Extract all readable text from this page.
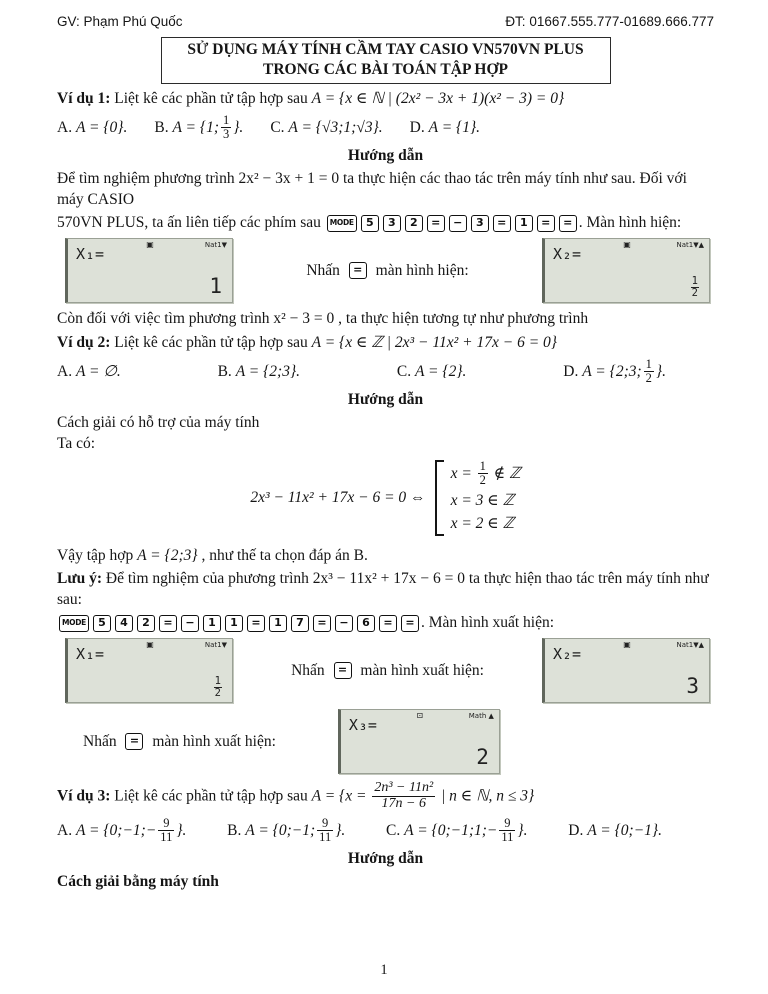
GV: Phạm Phú Quốc	ĐT: 01667.555.777-01689.666.777
SỬ DỤNG MÁY TÍNH CẦM TAY CASIO VN570VN PLUS
TRONG CÁC BÀI TOÁN TẬP HỢP
Ví dụ 1: Liệt kê các phần tử tập hợp sau A = {x ∈ ℕ | (2x² − 3x + 1)(x² − 3) = 0}
A. A = {0}. B. A = {1; $\frac{1}{3}$ }. C. A = {√3;1;√3}. D. A = {1}.
Hướng dẫn
Để tìm nghiệm phương trình 2x² − 3x + 1 = 0 ta thực hiện các thao tác trên máy tính như sau. Đối với máy CASIO
570VN PLUS, ta ấn liên tiếp các phím sau
	MODE 5 3 2 = − 3 = 1 = = . Màn hình hiện:
X₁=
▣	Nat1▼
1
Nhấn = màn hình hiện:
X₂=
▣	Nat1▼▲
$\frac{1}{2}$
Còn đối với việc tìm phương trình x² − 3 = 0 , ta thực hiện tương tự như phương trình
Ví dụ 2: Liệt kê các phần tử tập hợp sau A = {x ∈ ℤ | 2x³ − 11x² + 17x − 6 = 0}
A. A = ∅.	B. A = {2;3}.	C. A = {2}.	D. A = {2;3; $\frac{1}{2}$ }.
Hướng dẫn
Cách giải có hỗ trợ của máy tính
Ta có:
2x³ − 11x² + 17x − 6 = 0 ⇔
$x = \frac{1}{2}$ ∉ ℤ
x = 3 ∈ ℤ
x = 2 ∈ ℤ
Vậy tập hợp A = {2;3} , như thế ta chọn đáp án B.
Lưu ý: Để tìm nghiệm của phương trình 2x³ − 11x² + 17x − 6 = 0 ta thực hiện thao tác trên máy tính như sau:
MODE 5 4 2 = − 1 1 = 1 7 = − 6 = = . Màn hình xuất hiện:
X₁=
▣	Nat1▼
$\frac{1}{2}$
Nhấn = màn hình xuất hiện:
X₂=
▣	Nat1▼▲
3
Nhấn = màn hình xuất hiện:
X₃=
⊡	Math ▲
2
Ví dụ 3: Liệt kê các phần tử tập hợp sau $A = \{x = \frac{\text{2n³ − 11n²}}{17n - 6}$ | n ∈ ℕ, n ≤ 3}
A. A = {0;−1;− $\frac{9}{11}$ }.	B. A = {0;−1; $\frac{9}{11}$ }.	C. A = {0;−1;1;− $\frac{9}{11}$ }.	D. A = {0;−1}.
Hướng dẫn
Cách giải bằng máy tính
1
